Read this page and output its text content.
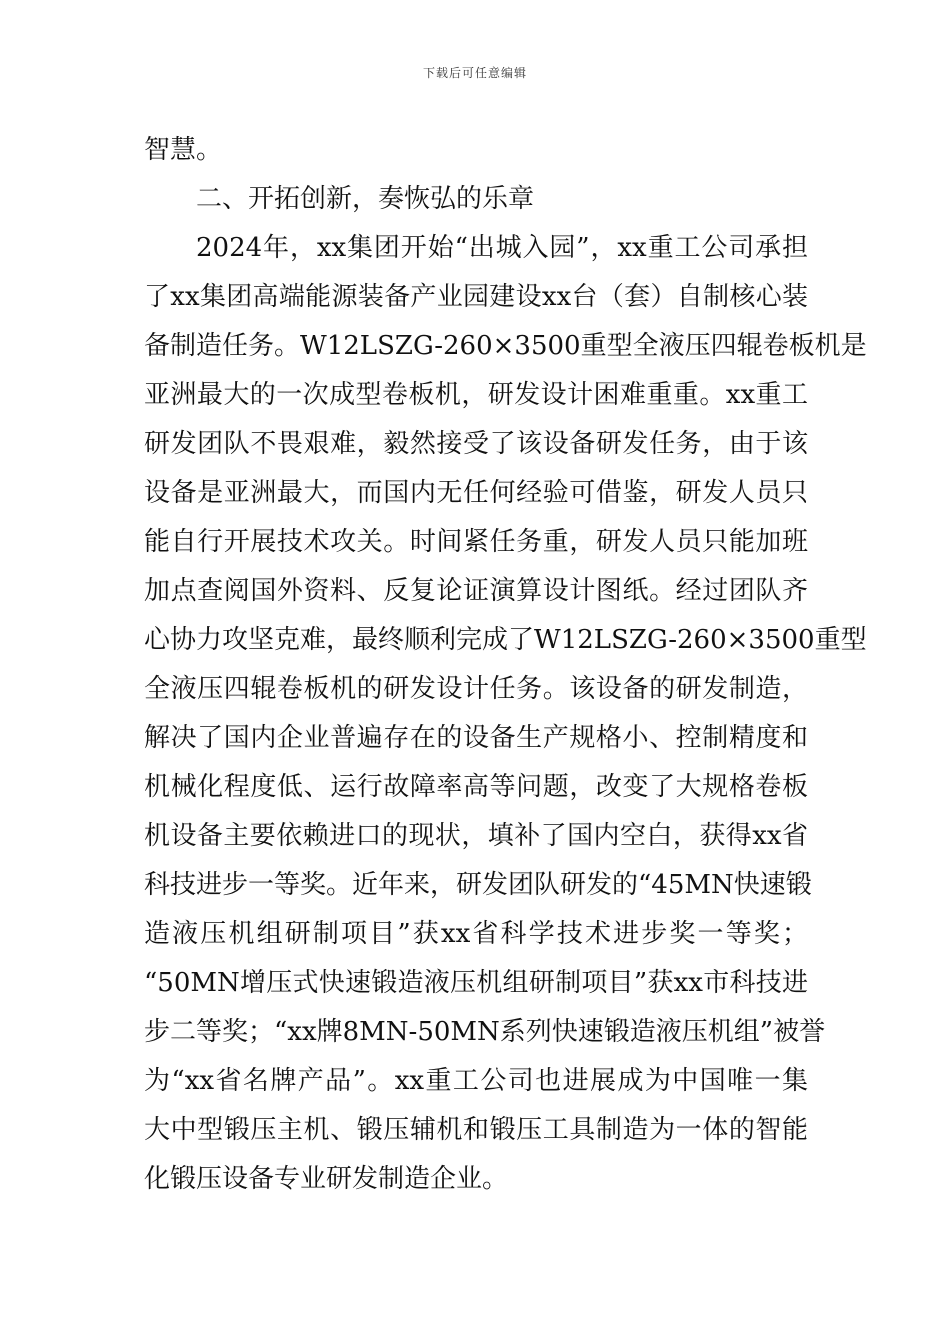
下载后可任意编辑
智慧。
二、开拓创新，奏恢弘的乐章
2024年，xx集团开始“出城入园”，xx重工公司承担
了xx集团高端能源装备产业园建设xx台（套）自制核心装
备制造任务。W12LSZG-260×3500重型全液压四辊卷板机是
亚洲最大的一次成型卷板机，研发设计困难重重。xx重工
研发团队不畏艰难，毅然接受了该设备研发任务，由于该
设备是亚洲最大，而国内无任何经验可借鉴，研发人员只
能自行开展技术攻关。时间紧任务重，研发人员只能加班
加点查阅国外资料、反复论证演算设计图纸。经过团队齐
心协力攻坚克难，最终顺利完成了W12LSZG-260×3500重型
全液压四辊卷板机的研发设计任务。该设备的研发制造，
解决了国内企业普遍存在的设备生产规格小、控制精度和
机械化程度低、运行故障率高等问题，改变了大规格卷板
机设备主要依赖进口的现状，填补了国内空白，获得xx省
科技进步一等奖。近年来，研发团队研发的“45MN快速锻
造液压机组研制项目”获xx省科学技术进步奖一等奖；
“50MN增压式快速锻造液压机组研制项目”获xx市科技进
步二等奖；“xx牌8MN-50MN系列快速锻造液压机组”被誉
为“xx省名牌产品”。xx重工公司也进展成为中国唯一集
大中型锻压主机、锻压辅机和锻压工具制造为一体的智能
化锻压设备专业研发制造企业。
